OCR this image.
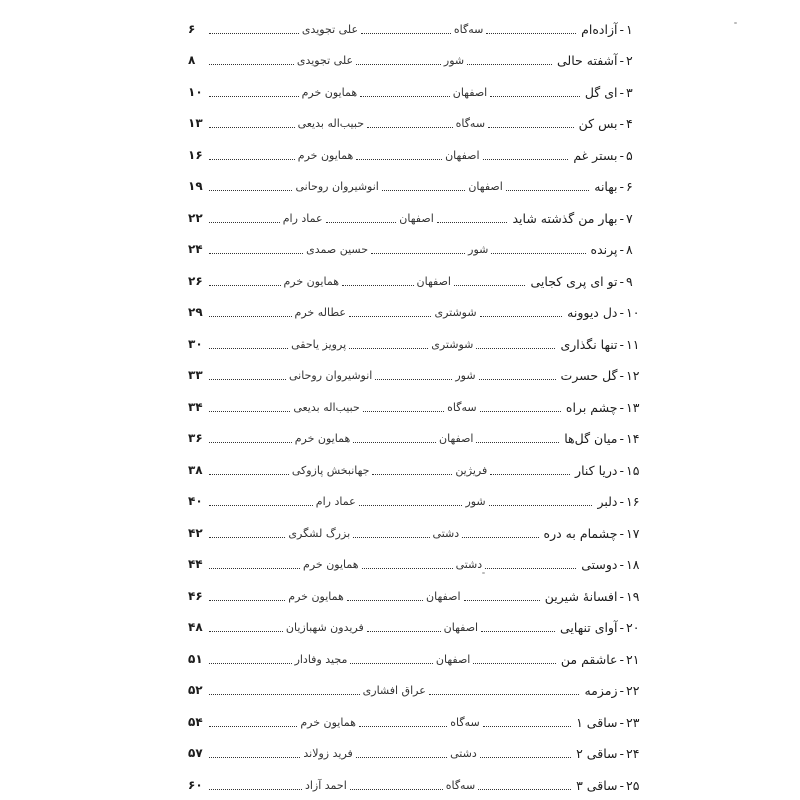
۱
-
آزاده‌ام
سه‌گاه
علی تجویدی
۶
۲
-
آشفته حالی
شور
علی تجویدی
۸
۳
-
ای گل
اصفهان
همایون خرم
۱۰
۴
-
بس کن
سه‌گاه
حبیب‌اله بدیعی
۱۳
۵
-
بستر غم
اصفهان
همایون خرم
۱۶
۶
-
بهانه
اصفهان
انوشیروان روحانی
۱۹
۷
-
بهار من گذشته شاید
اصفهان
عماد رام
۲۲
۸
-
پرنده
شور
حسین صمدی
۲۴
۹
-
تو ای پری کجایی
اصفهان
همایون خرم
۲۶
۱۰
-
دل دیوونه
شوشتری
عطاله خرم
۲۹
۱۱
-
تنها نگذاری
شوشتری
پرویز یاحقی
۳۰
۱۲
-
گل حسرت
شور
انوشیروان روحانی
۳۳
۱۳
-
چشم براه
سه‌گاه
حبیب‌اله بدیعی
۳۴
۱۴
-
میان گل‌ها
اصفهان
همایون خرم
۳۶
۱۵
-
دریا کنار
فریژین
جهانبخش پازوکی
۳۸
۱۶
-
دلبر
شور
عماد رام
۴۰
۱۷
-
چشمام به دره
دشتی
بزرگ لشگری
۴۲
۱۸
-
دوستی
دشتی
همایون خرم
۴۴
۱۹
-
افسانهٔ شیرین
اصفهان
همایون خرم
۴۶
۲۰
-
آوای تنهایی
اصفهان
فریدون شهبازیان
۴۸
۲۱
-
عاشقم من
اصفهان
مجید وفادار
۵۱
۲۲
-
زمزمه
عراق افشاری
۵۲
۲۳
-
ساقی ۱
سه‌گاه
همایون خرم
۵۴
۲۴
-
ساقی ۲
دشتی
فرید زولاند
۵۷
۲۵
-
ساقی ۳
سه‌گاه
احمد آزاد
۶۰
